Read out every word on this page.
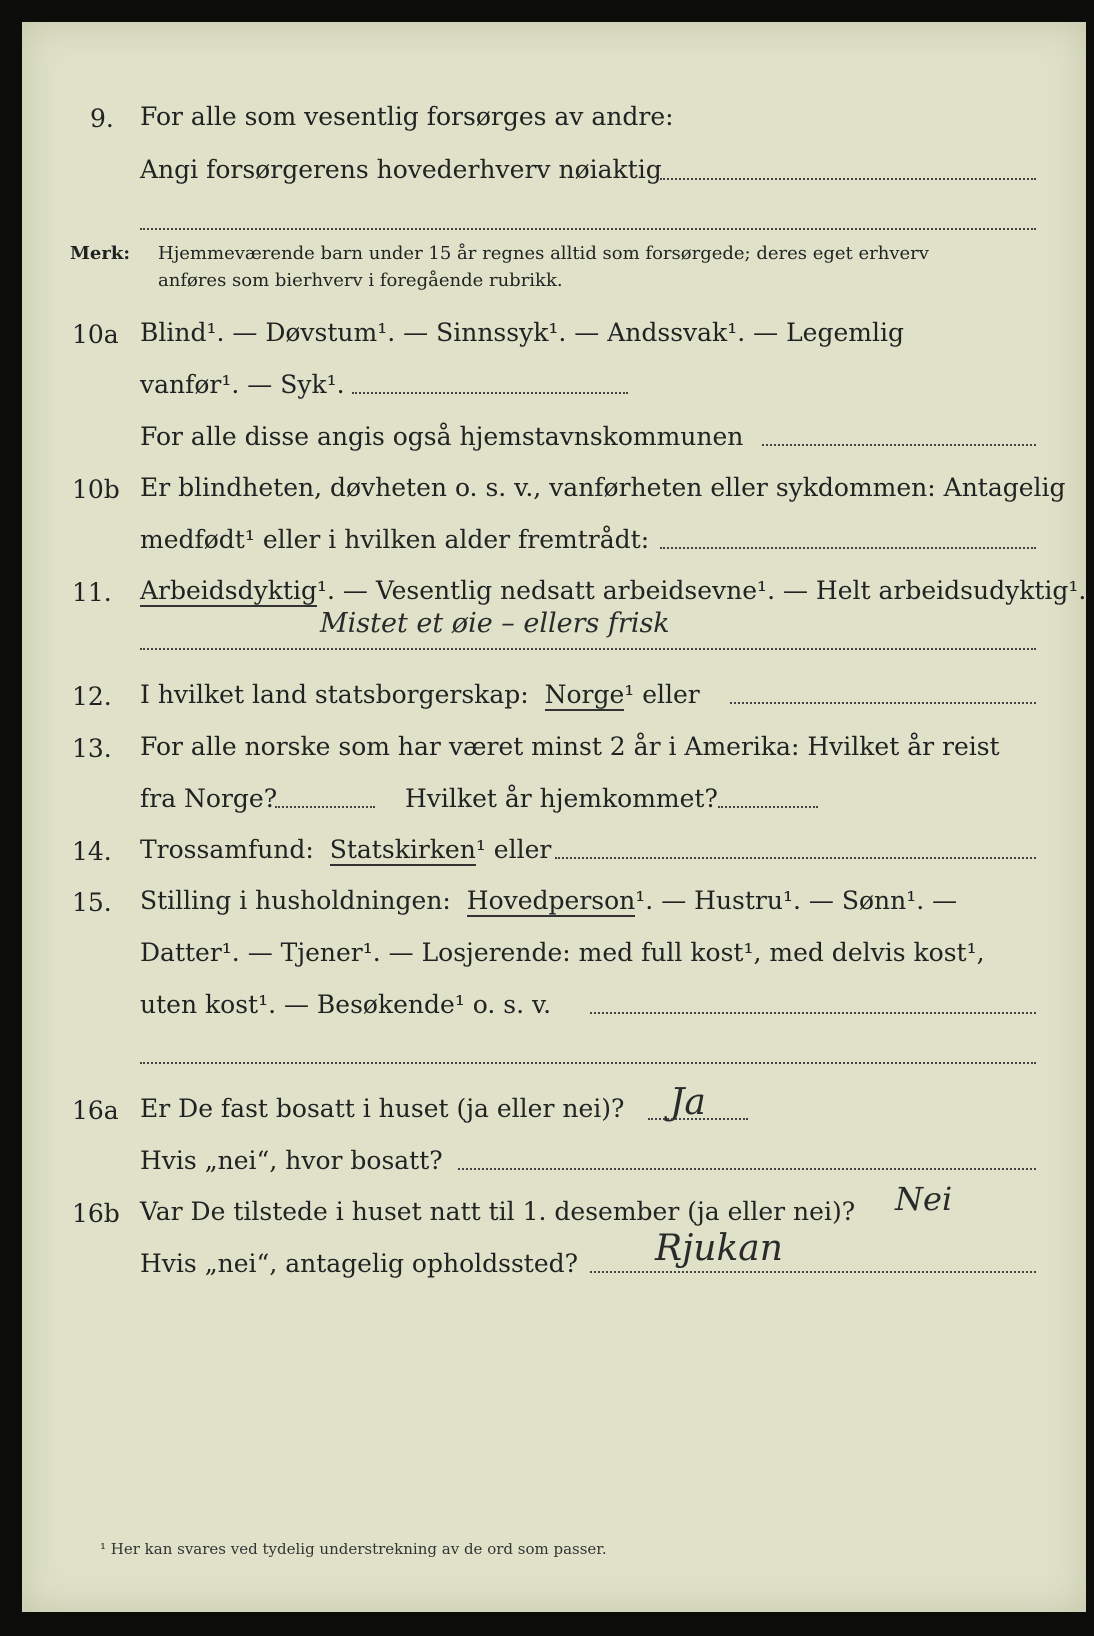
9. For alle som vesentlig forsørges av andre:
Angi forsørgerens hovederhverv nøiaktig
Merk: Hjemmeværende barn under 15 år regnes alltid som forsørgede; deres eget erhverv
anføres som bierhverv i foregående rubrikk.
10a Blind¹. — Døvstum¹. — Sinnssyk¹. — Andssvak¹. — Legemlig
vanfør¹. — Syk¹.
For alle disse angis også hjemstavnskommunen
10b Er blindheten, døvheten o. s. v., vanførheten eller sykdommen: Antagelig
medfødt¹ eller i hvilken alder fremtrådt:
11. Arbeidsdyktig¹. — Vesentlig nedsatt arbeidsevne¹. — Helt arbeidsudyktig¹.
Mistet et øie – ellers frisk
12. I hvilket land statsborgerskap: Norge¹ eller
13. For alle norske som har været minst 2 år i Amerika: Hvilket år reist
fra Norge?	Hvilket år hjemkommet?
14. Trossamfund: Statskirken¹ eller
15. Stilling i husholdningen: Hovedperson¹. — Hustru¹. — Sønn¹. —
Datter¹. — Tjener¹. — Losjerende: med full kost¹, med delvis kost¹,
uten kost¹. — Besøkende¹ o. s. v.
16a Er De fast bosatt i huset (ja eller nei)? Ja
Hvis „nei“, hvor bosatt?
16b Var De tilstede i huset natt til 1. desember (ja eller nei)? Nei
Hvis „nei“, antagelig opholdssted? Rjukan
¹ Her kan svares ved tydelig understrekning av de ord som passer.
